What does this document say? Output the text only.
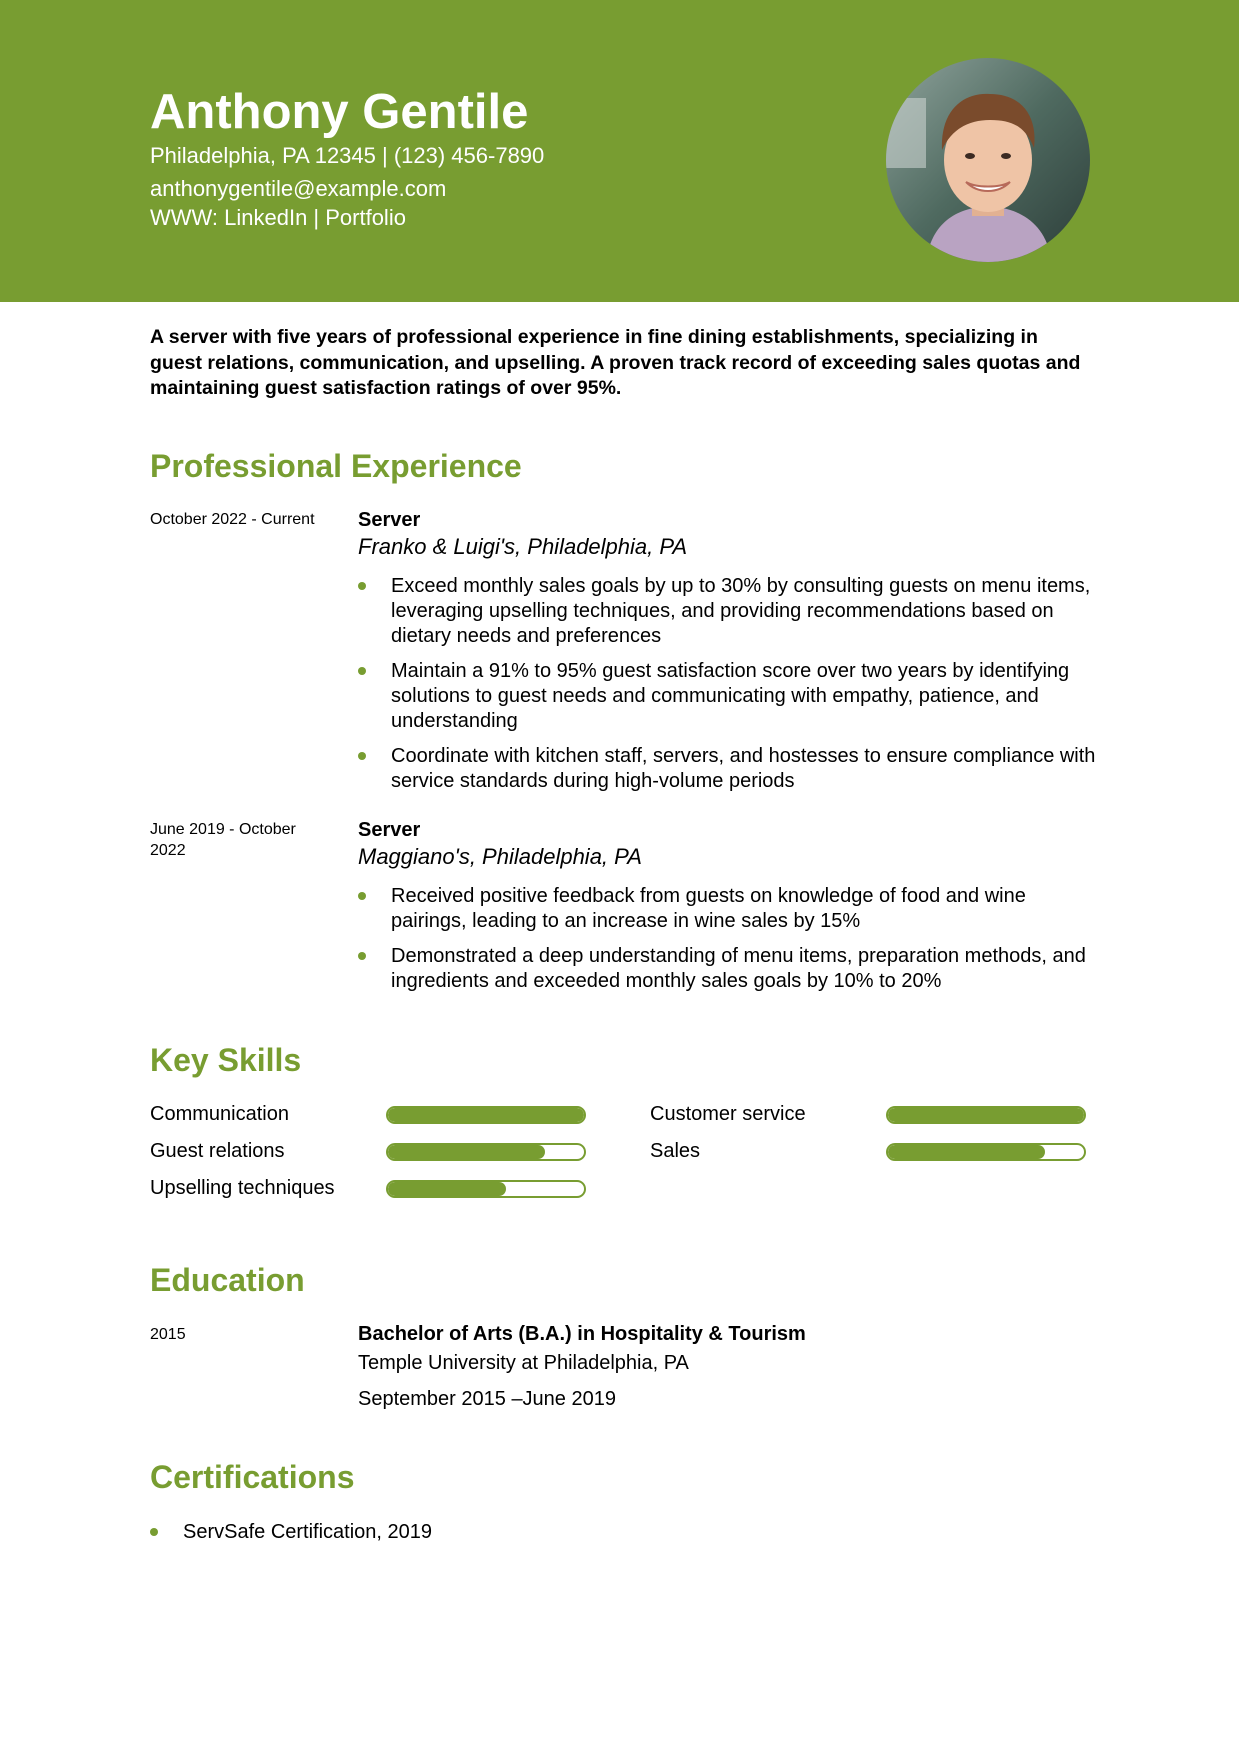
Anthony Gentile
Philadelphia, PA 12345 | (123) 456-7890
anthonygentile@example.com
WWW: LinkedIn | Portfolio

A server with five years of professional experience in fine dining establishments, specializing in guest relations, communication, and upselling. A proven track record of exceeding sales quotas and maintaining guest satisfaction ratings of over 95%.

Professional Experience
October 2022 - Current	Server
Franko & Luigi's, Philadelphia, PA
Exceed monthly sales goals by up to 30% by consulting guests on menu items, leveraging upselling techniques, and providing recommendations based on dietary needs and preferences
Maintain a 91% to 95% guest satisfaction score over two years by identifying solutions to guest needs and communicating with empathy, patience, and understanding
Coordinate with kitchen staff, servers, and hostesses to ensure compliance with service standards during high-volume periods
June 2019 - October 2022
Server
Maggiano's, Philadelphia, PA
Received positive feedback from guests on knowledge of food and wine pairings, leading to an increase in wine sales by 15%
Demonstrated a deep understanding of menu items, preparation methods, and ingredients and exceeded monthly sales goals by 10% to 20%
Key Skills
Communication
Guest relations
Upselling techniques
Customer service
Sales
Education
2015	Bachelor of Arts (B.A.) in Hospitality & Tourism
Temple University at Philadelphia, PA
September 2015 –June 2019
Certifications
ServSafe Certification, 2019
